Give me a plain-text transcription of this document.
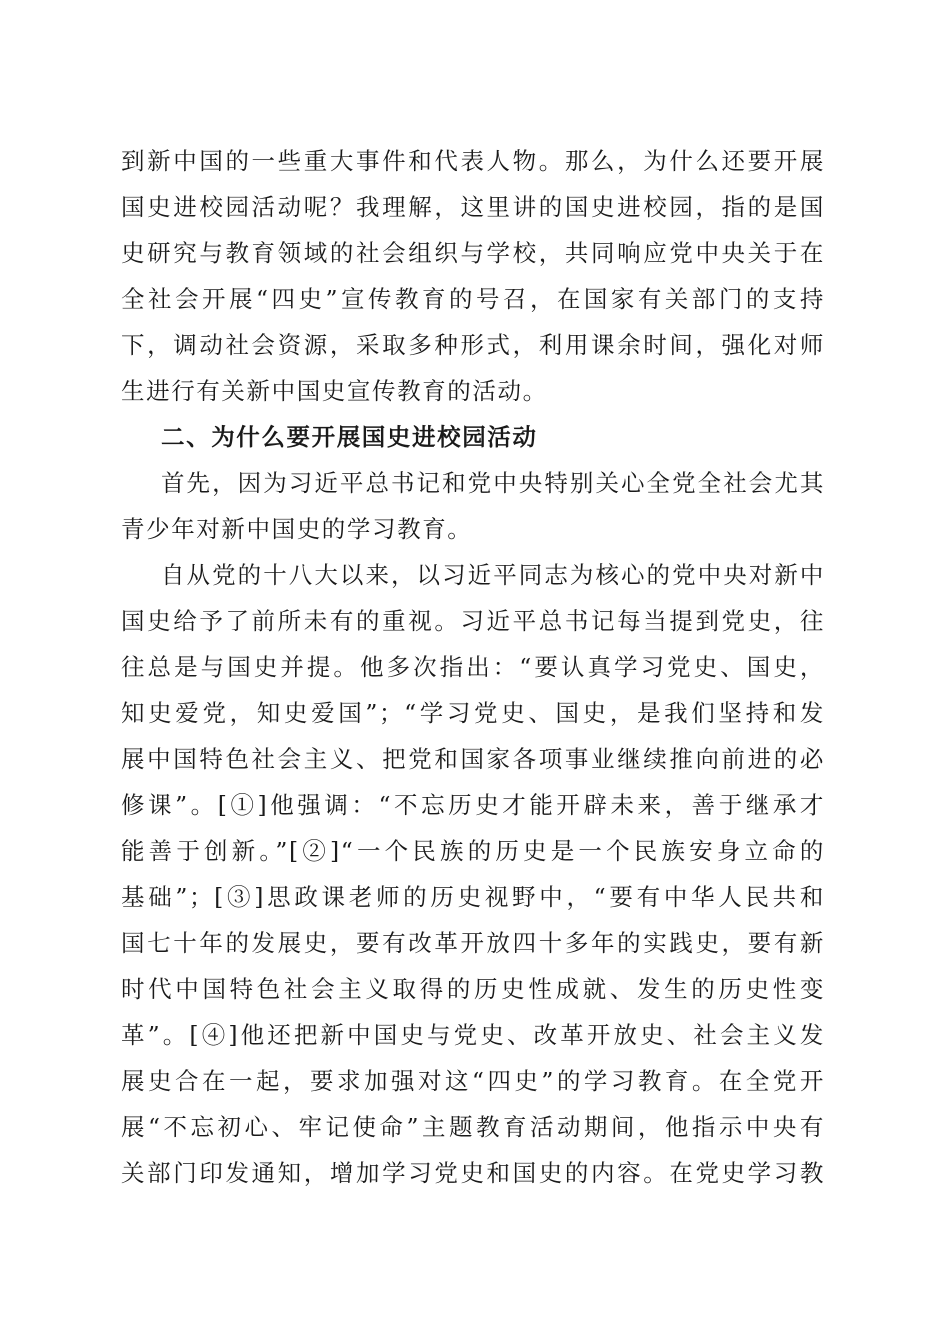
到新中国的一些重大事件和代表人物。那么，为什么还要开展
国史进校园活动呢？我理解，这里讲的国史进校园，指的是国
史研究与教育领域的社会组织与学校，共同响应党中央关于在
全社会开展“四史”宣传教育的号召，在国家有关部门的支持
下，调动社会资源，采取多种形式，利用课余时间，强化对师
生进行有关新中国史宣传教育的活动。
二、为什么要开展国史进校园活动
首先，因为习近平总书记和党中央特别关心全党全社会尤其
青少年对新中国史的学习教育。
自从党的十八大以来，以习近平同志为核心的党中央对新中
国史给予了前所未有的重视。习近平总书记每当提到党史，往
往总是与国史并提。他多次指出：“要认真学习党史、国史，
知史爱党，知史爱国”；“学习党史、国史，是我们坚持和发
展中国特色社会主义、把党和国家各项事业继续推向前进的必
修课”。[①]他强调：“不忘历史才能开辟未来，善于继承才
能善于创新。”[②]“一个民族的历史是一个民族安身立命的
基础”；[③]思政课老师的历史视野中，“要有中华人民共和
国七十年的发展史，要有改革开放四十多年的实践史，要有新
时代中国特色社会主义取得的历史性成就、发生的历史性变
革”。[④]他还把新中国史与党史、改革开放史、社会主义发
展史合在一起，要求加强对这“四史”的学习教育。在全党开
展“不忘初心、牢记使命”主题教育活动期间，他指示中央有
关部门印发通知，增加学习党史和国史的内容。在党史学习教
